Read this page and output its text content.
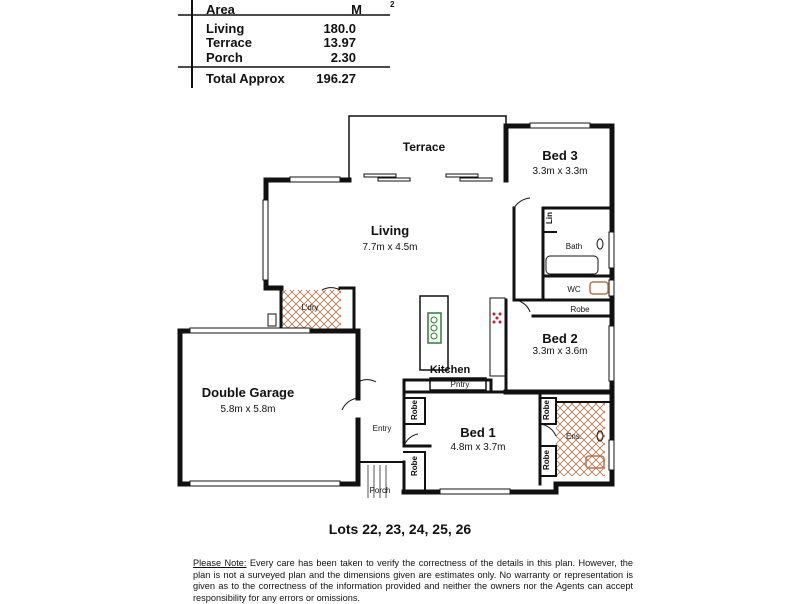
Area	M
Living	180.0
Terrace	13.97
Porch	2.30
Total Approx 196.27
2
Terrace
Living
7.7m x 4.5m
Bed 3
3.3m x 3.3m
Bed 2
3.3m x 3.6m
Bed 1
4.8m x 3.7m
Double Garage
5.8m x 5.8m
Kitchen
L'dry
Entry
Porch
Bath
WC
Ens.
Pntry
Robe
Lin
Robe
Robe
Robe
Robe
Lots 22, 23, 24, 25, 26
Please Note: Every care has been taken to verify the correctness of the details in this plan. However, the plan is not a surveyed plan and the dimensions given are estimates only. No warranty or representation is given as to the correctness of the information provided and neither the owners nor the Agents can accept responsibility for any errors or omissions.
